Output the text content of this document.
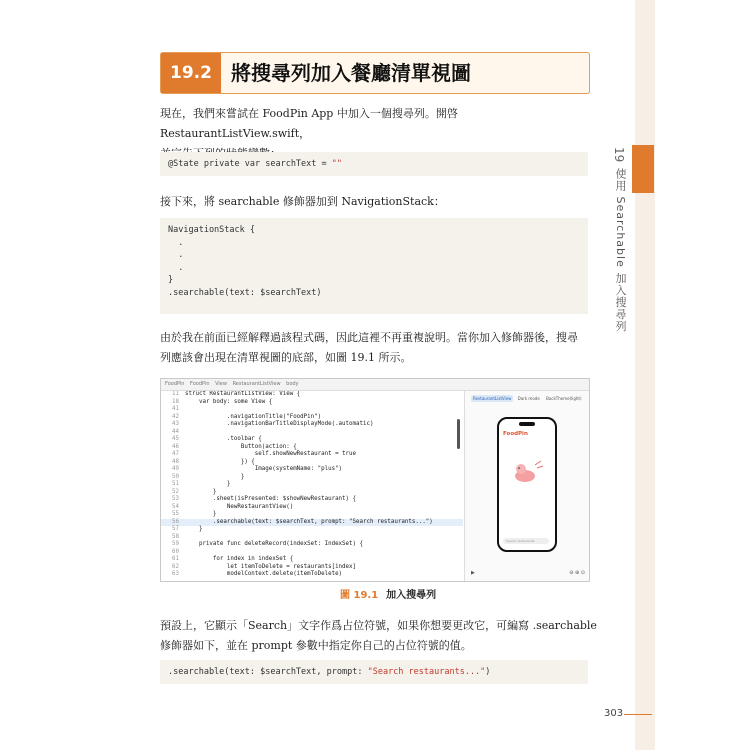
19
使用 Searchable 加入搜尋列
19.2 將搜尋列加入餐廳清單視圖
現在，我們來嘗試在 FoodPin App 中加入一個搜尋列。開啓 RestaurantListView.swift，
@State private var searchText = ""
接下來，將 searchable 修飾器加到 NavigationStack：
NavigationStack {
.
.
.
}
.searchable(text: $searchText)
由於我在前面已經解釋過該程式碼，因此這裡不再重複說明。當你加入修飾器後，搜尋
列應該會出現在清單視圖的底部，如圖 19.1 所示。
FoodPin FoodPin View RestaurantListView body
11 struct RestaurantListView: View {
18    var body: some View {
41
42            .navigationTitle("FoodPin")
43            .navigationBarTitleDisplayMode(.automatic)
44
45            .toolbar {
46                Button(action: {
47                    self.showNewRestaurant = true
48                }) {
49                    Image(systemName: "plus")
50                }
51            }
52        }
53        .sheet(isPresented: $showNewRestaurant) {
54            NewRestaurantView()
55        }
56        .searchable(text: $searchText, prompt: "Search restaurants...")
57    }
58
59    private func deleteRecord(indexSet: IndexSet) {
60
61        for index in indexSet {
62            let itemToDelete = restaurants[index]
63            modelContext.delete(itemToDelete)
RestaurantListView Dark mode BackTheme(light)
FoodPin
Search restaurants
▶	⊖ ⊕ ⊙
圖 19.1 加入搜尋列
預設上，它顯示「Search」文字作爲占位符號，如果你想要更改它，可編寫 .searchable
修飾器如下，並在 prompt 參數中指定你自己的占位符號的值。
.searchable(text: $searchText, prompt: "Search restaurants...")
303
